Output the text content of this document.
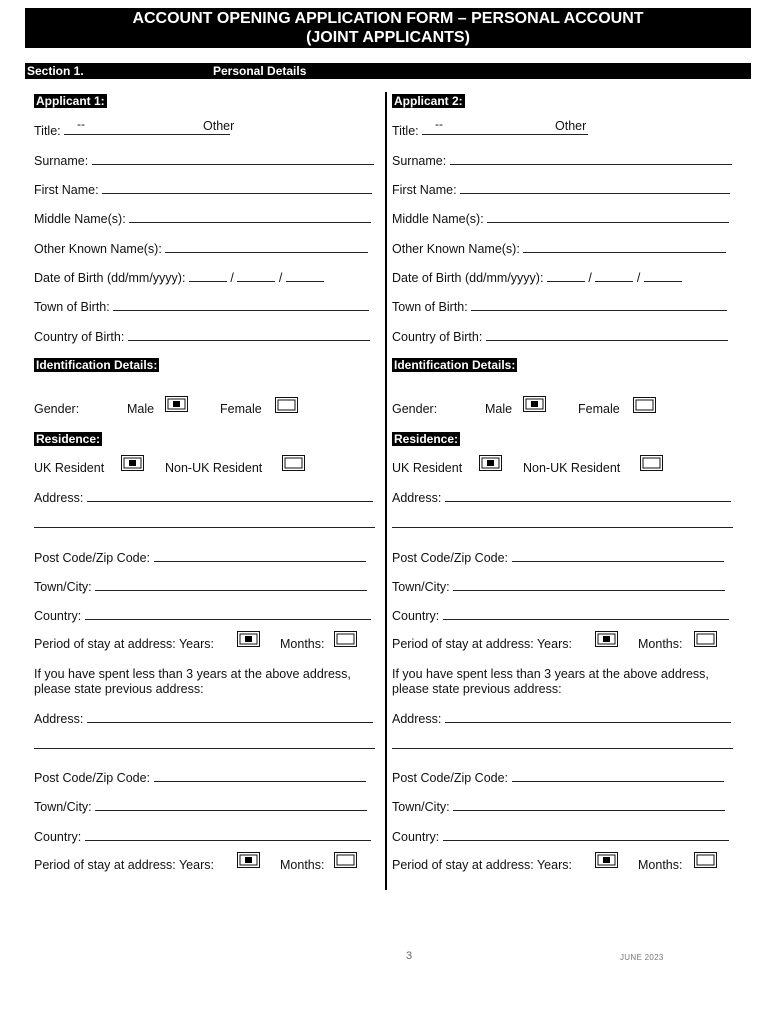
ACCOUNT OPENING APPLICATION FORM – PERSONAL ACCOUNT
(JOINT APPLICANTS)
Section 1.	Personal Details
Applicant 1:
Title:	--	Other
Surname:
First Name:
Middle Name(s):
Other Known Name(s):
Town of Birth:
Country of Birth:
Address:
Post Code/Zip Code:
Town/City:
Country:
Address:
Post Code/Zip Code:
Town/City:
Country:
Date of Birth (dd/mm/yyyy):	/	/
Identification Details:
Gender:	Male	Female
Residence:
UK Resident	Non-UK Resident
Period of stay at address: Years:	Months:
Period of stay at address: Years:	Months:
If you have spent less than 3 years at the above address, please state previous address:
Applicant 2:
Title:	--	Other
Surname:
First Name:
Middle Name(s):
Other Known Name(s):
Town of Birth:
Country of Birth:
Address:
Post Code/Zip Code:
Town/City:
Country:
Address:
Post Code/Zip Code:
Town/City:
Country:
Date of Birth (dd/mm/yyyy):	/	/
Identification Details:
Gender:	Male	Female
Residence:
UK Resident	Non-UK Resident
Period of stay at address: Years:	Months:
Period of stay at address: Years:	Months:
If you have spent less than 3 years at the above address, please state previous address:
3	JUNE 2023
